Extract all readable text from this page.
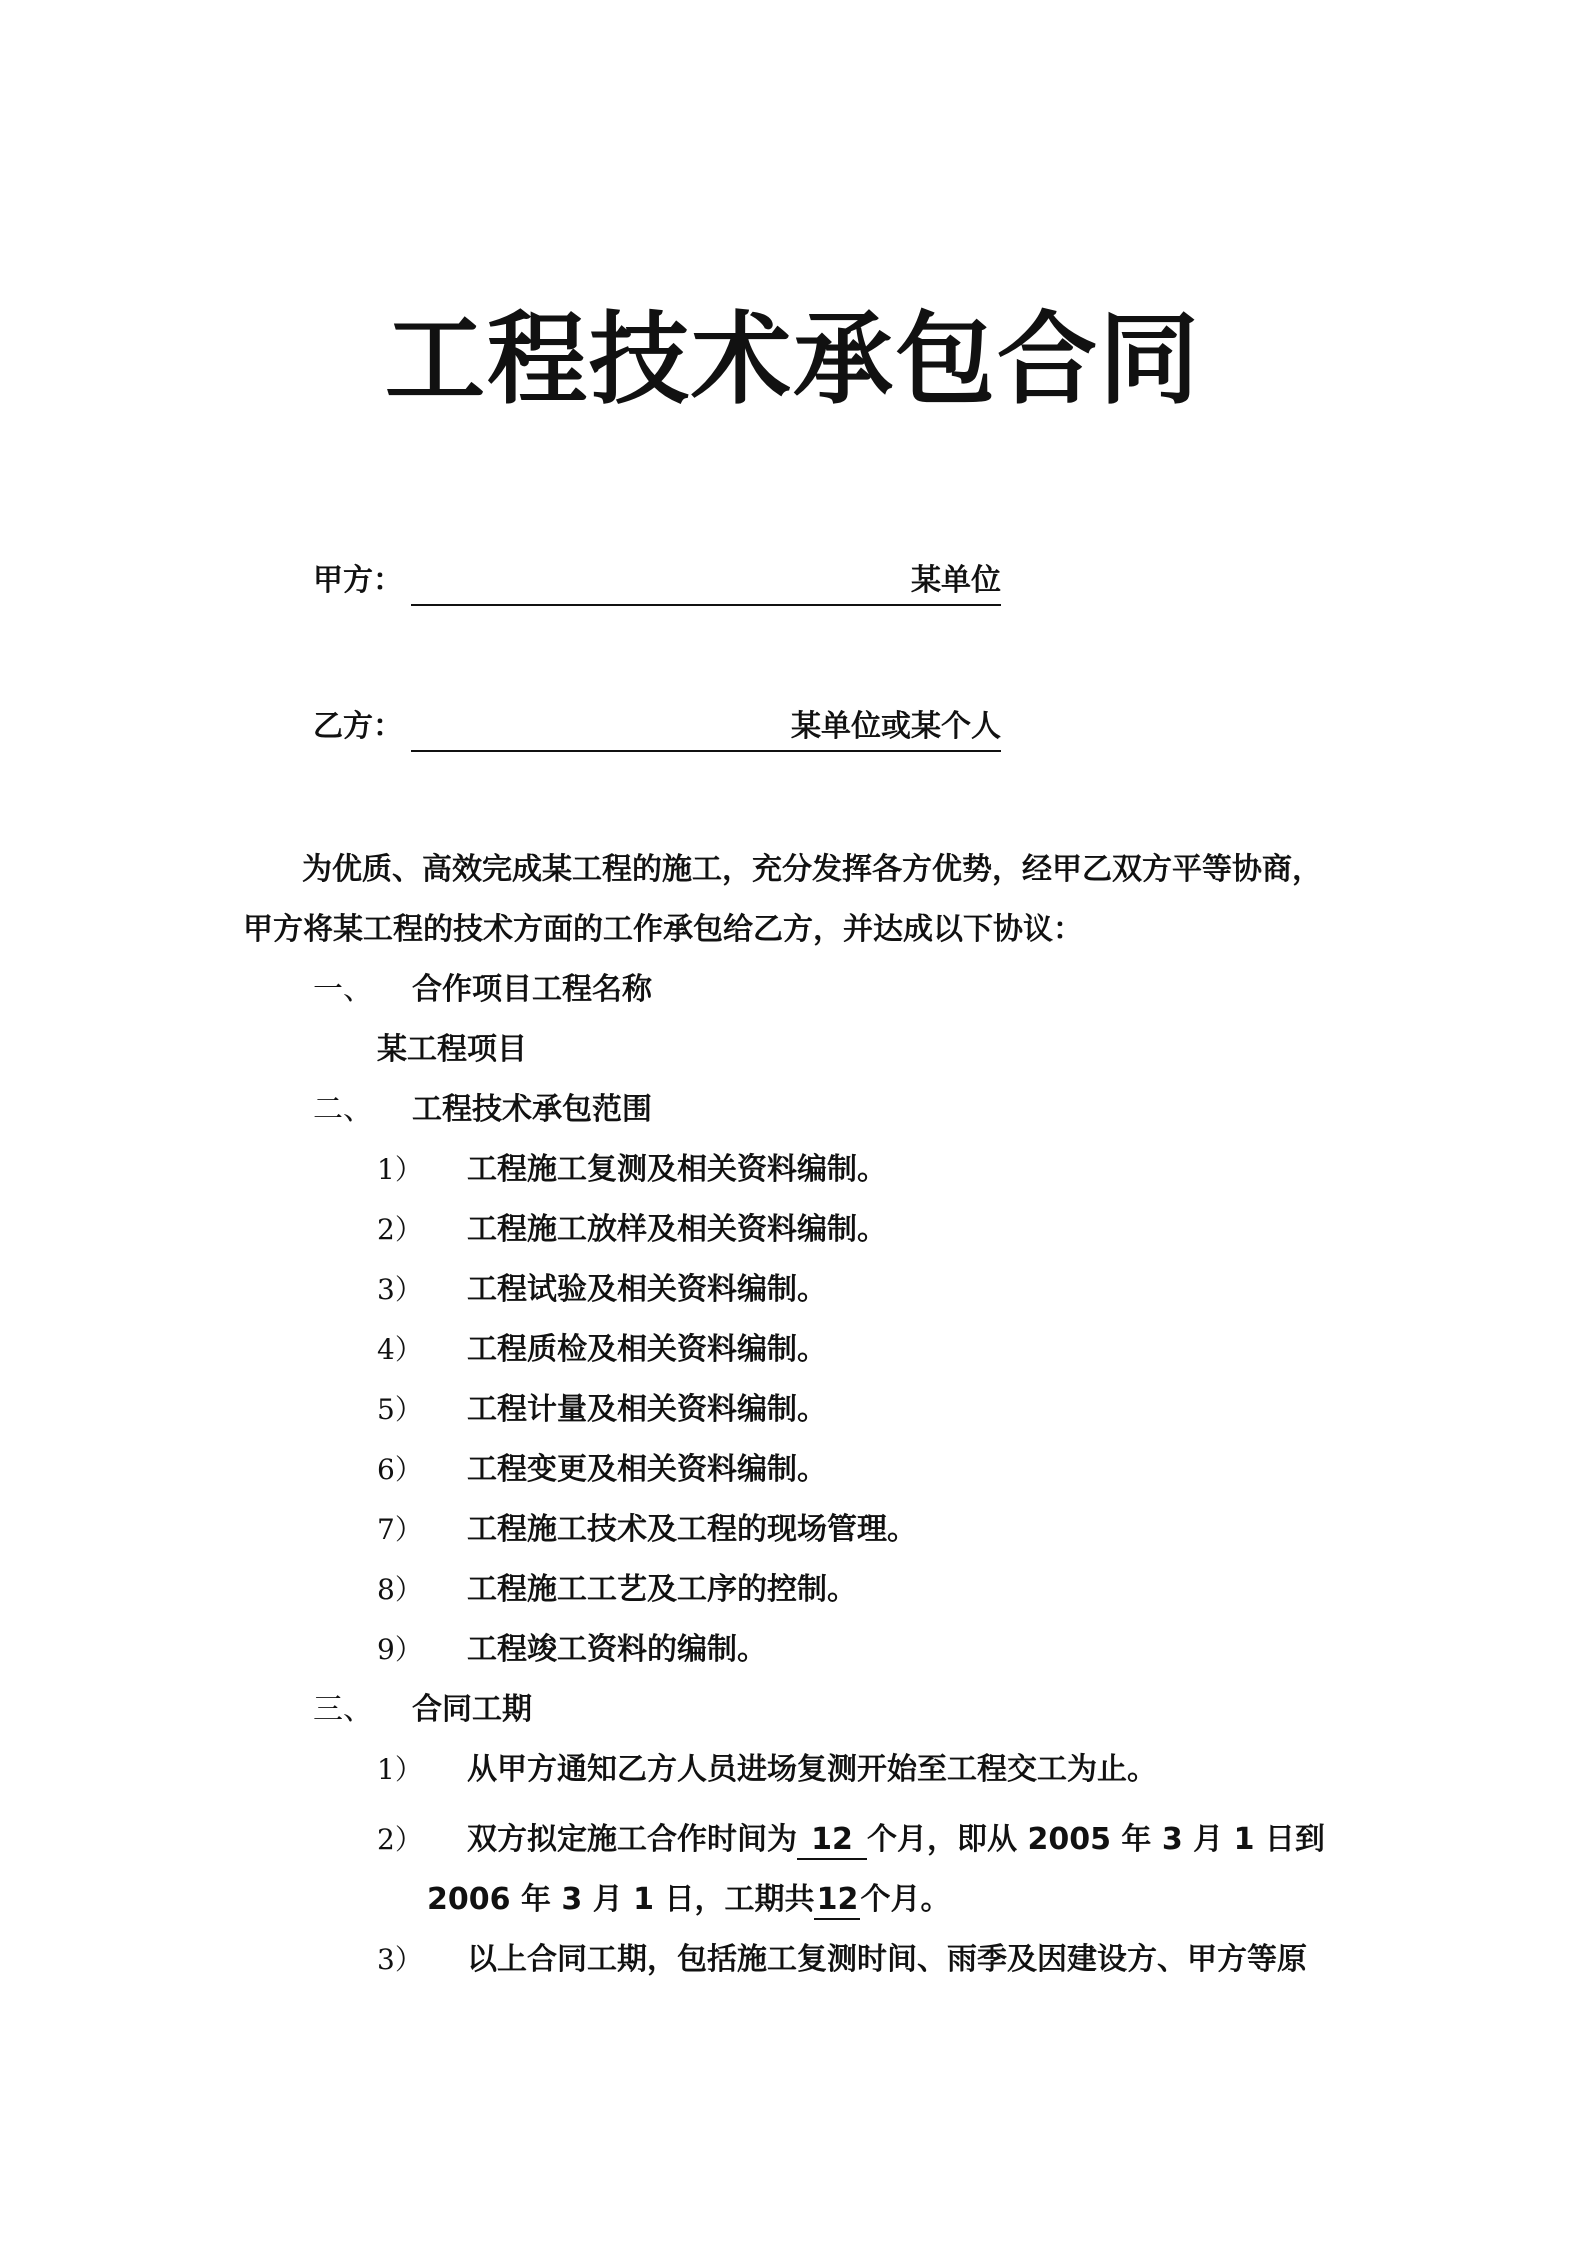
工程技术承包合同
甲方：	某单位
乙方：	某单位或某个人
为优质、高效完成某工程的施工，充分发挥各方优势，经甲乙双方平等协商，
甲方将某工程的技术方面的工作承包给乙方，并达成以下协议：
一、 合作项目工程名称
某工程项目
二、 工程技术承包范围
1） 工程施工复测及相关资料编制。
2） 工程施工放样及相关资料编制。
3） 工程试验及相关资料编制。
4） 工程质检及相关资料编制。
5） 工程计量及相关资料编制。
6） 工程变更及相关资料编制。
7） 工程施工技术及工程的现场管理。
8） 工程施工工艺及工序的控制。
9） 工程竣工资料的编制。
三、 合同工期
1） 从甲方通知乙方人员进场复测开始至工程交工为止。
2） 双方拟定施工合作时间为 12 个月，即从 2005 年 3 月 1 日到
2006 年 3 月 1 日，工期共12个月。
3） 以上合同工期，包括施工复测时间、雨季及因建设方、甲方等原
